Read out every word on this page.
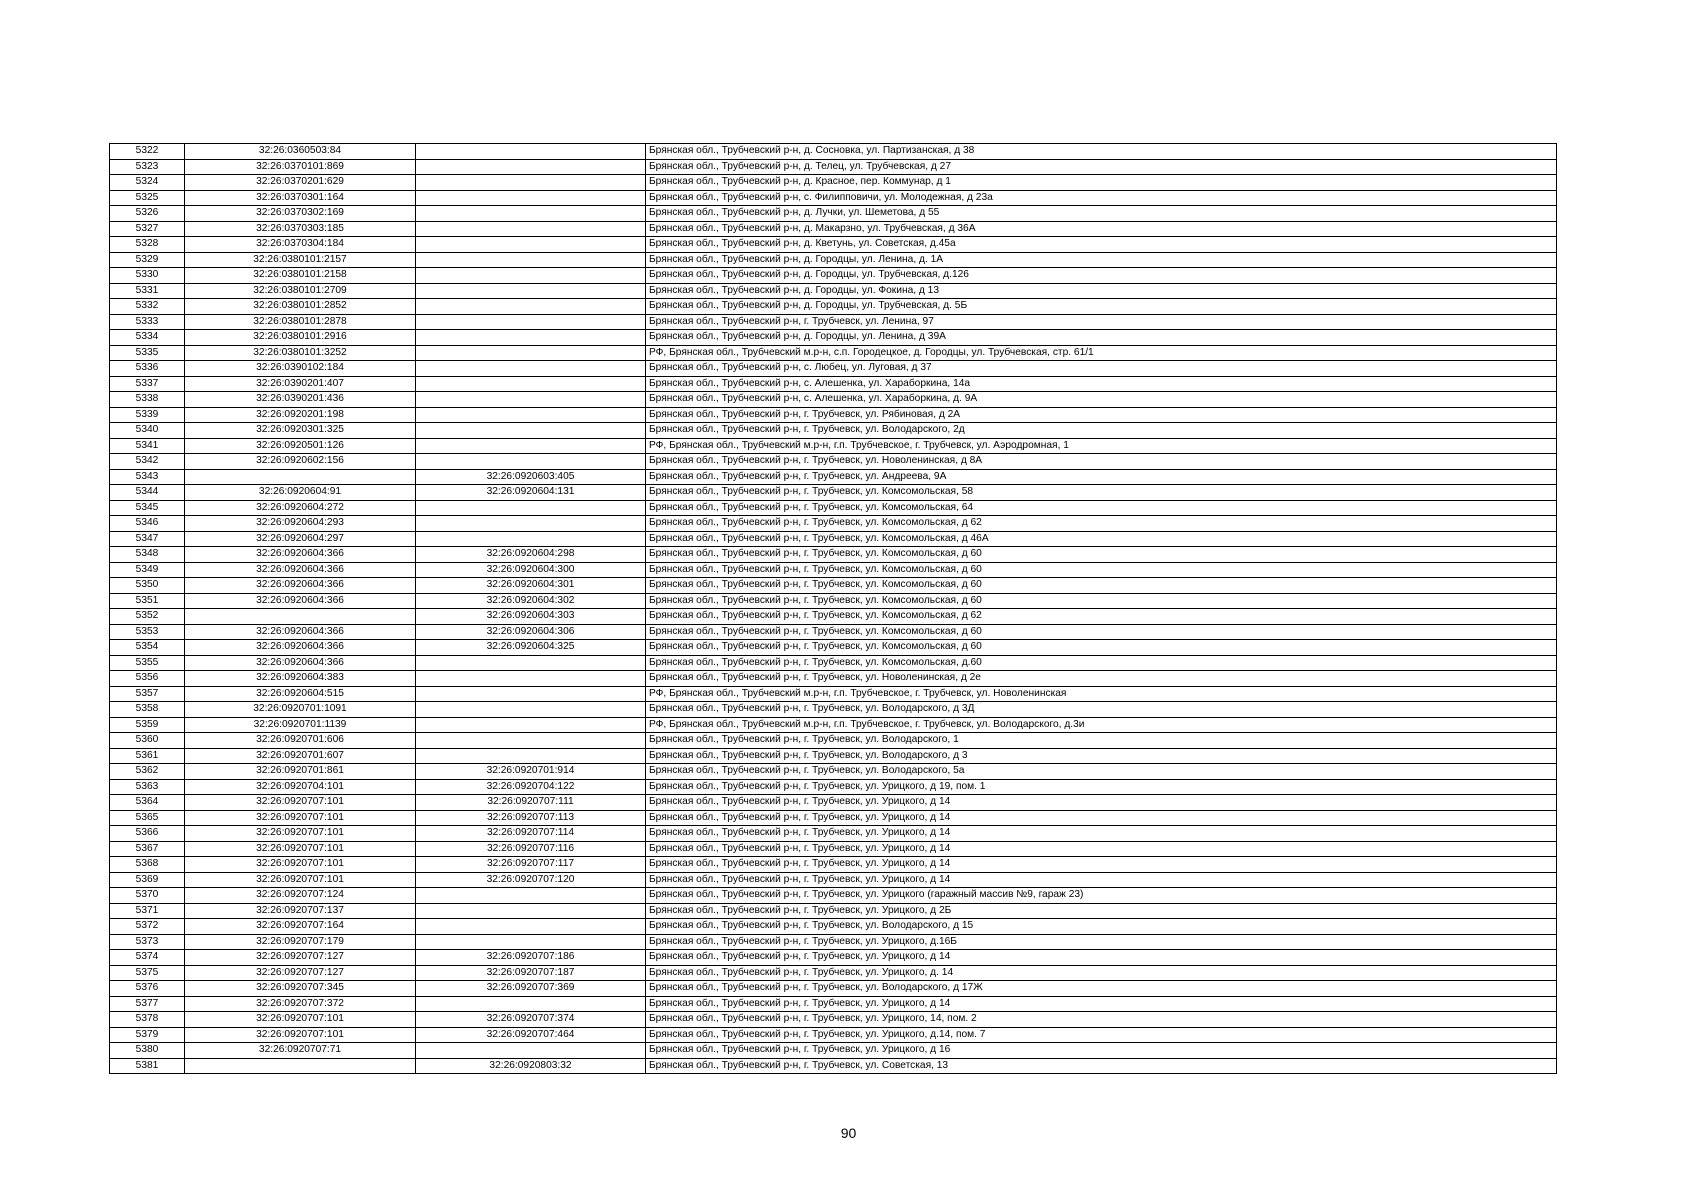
5322	32:26:0360503:84		Брянская обл., Трубчевский р-н, д. Сосновка, ул. Партизанская, д 38
5323	32:26:0370101:869		Брянская обл., Трубчевский р-н, д. Телец, ул. Трубчевская, д 27
5324	32:26:0370201:629		Брянская обл., Трубчевский р-н, д. Красное, пер. Коммунар, д 1
5325	32:26:0370301:164		Брянская обл., Трубчевский р-н, с. Филипповичи, ул. Молодежная, д 23а
5326	32:26:0370302:169		Брянская обл., Трубчевский р-н, д. Лучки, ул. Шеметова, д 55
5327	32:26:0370303:185		Брянская обл., Трубчевский р-н, д. Макарзно, ул. Трубчевская, д 36А
5328	32:26:0370304:184		Брянская обл., Трубчевский р-н, д. Кветунь, ул. Советская, д.45а
5329	32:26:0380101:2157		Брянская обл., Трубчевский р-н, д. Городцы, ул. Ленина, д. 1А
5330	32:26:0380101:2158		Брянская обл., Трубчевский р-н, д. Городцы, ул. Трубчевская, д.126
5331	32:26:0380101:2709		Брянская обл., Трубчевский р-н, д. Городцы, ул. Фокина, д 13
5332	32:26:0380101:2852		Брянская обл., Трубчевский р-н, д. Городцы, ул. Трубчевская, д. 5Б
5333	32:26:0380101:2878		Брянская обл., Трубчевский р-н, г. Трубчевск, ул. Ленина, 97
5334	32:26:0380101:2916		Брянская обл., Трубчевский р-н, д. Городцы, ул. Ленина, д 39А
5335	32:26:0380101:3252		РФ, Брянская обл., Трубчевский м.р-н, с.п. Городецкое, д. Городцы, ул. Трубчевская, стр. 61/1
5336	32:26:0390102:184		Брянская обл., Трубчевский р-н, с. Любец, ул. Луговая, д 37
5337	32:26:0390201:407		Брянская обл., Трубчевский р-н, с. Алешенка, ул. Хараборкина, 14а
5338	32:26:0390201:436		Брянская обл., Трубчевский р-н, с. Алешенка, ул. Хараборкина, д. 9А
5339	32:26:0920201:198		Брянская обл., Трубчевский р-н, г. Трубчевск, ул. Рябиновая, д 2А
5340	32:26:0920301:325		Брянская обл., Трубчевский р-н, г. Трубчевск, ул. Володарского, 2д
5341	32:26:0920501:126		РФ, Брянская обл., Трубчевский м.р-н, г.п. Трубчевское, г. Трубчевск, ул. Аэродромная, 1
5342	32:26:0920602:156		Брянская обл., Трубчевский р-н, г. Трубчевск, ул. Новоленинская, д 8А
5343		32:26:0920603:405	Брянская обл., Трубчевский р-н, г. Трубчевск, ул. Андреева, 9А
5344	32:26:0920604:91	32:26:0920604:131	Брянская обл., Трубчевский р-н, г. Трубчевск, ул. Комсомольская, 58
5345	32:26:0920604:272		Брянская обл., Трубчевский р-н, г. Трубчевск, ул. Комсомольская, 64
5346	32:26:0920604:293		Брянская обл., Трубчевский р-н, г. Трубчевск, ул. Комсомольская, д 62
5347	32:26:0920604:297		Брянская обл., Трубчевский р-н, г. Трубчевск, ул. Комсомольская, д 46А
5348	32:26:0920604:366	32:26:0920604:298	Брянская обл., Трубчевский р-н, г. Трубчевск, ул. Комсомольская, д 60
5349	32:26:0920604:366	32:26:0920604:300	Брянская обл., Трубчевский р-н, г. Трубчевск, ул. Комсомольская, д 60
5350	32:26:0920604:366	32:26:0920604:301	Брянская обл., Трубчевский р-н, г. Трубчевск, ул. Комсомольская, д 60
5351	32:26:0920604:366	32:26:0920604:302	Брянская обл., Трубчевский р-н, г. Трубчевск, ул. Комсомольская, д 60
5352		32:26:0920604:303	Брянская обл., Трубчевский р-н, г. Трубчевск, ул. Комсомольская, д 62
5353	32:26:0920604:366	32:26:0920604:306	Брянская обл., Трубчевский р-н, г. Трубчевск, ул. Комсомольская, д 60
5354	32:26:0920604:366	32:26:0920604:325	Брянская обл., Трубчевский р-н, г. Трубчевск, ул. Комсомольская, д 60
5355	32:26:0920604:366		Брянская обл., Трубчевский р-н, г. Трубчевск, ул. Комсомольская, д.60
5356	32:26:0920604:383		Брянская обл., Трубчевский р-н, г. Трубчевск, ул. Новоленинская, д 2е
5357	32:26:0920604:515		РФ, Брянская обл., Трубчевский м.р-н, г.п. Трубчевское, г. Трубчевск, ул. Новоленинская
5358	32:26:0920701:1091		Брянская обл., Трубчевский р-н, г. Трубчевск, ул. Володарского, д 3Д
5359	32:26:0920701:1139		РФ, Брянская обл., Трубчевский м.р-н, г.п. Трубчевское, г. Трубчевск, ул. Володарского, д.3и
5360	32:26:0920701:606		Брянская обл., Трубчевский р-н, г. Трубчевск, ул. Володарского, 1
5361	32:26:0920701:607		Брянская обл., Трубчевский р-н, г. Трубчевск, ул. Володарского, д 3
5362	32:26:0920701:861	32:26:0920701:914	Брянская обл., Трубчевский р-н, г. Трубчевск, ул. Володарского, 5а
5363	32:26:0920704:101	32:26:0920704:122	Брянская обл., Трубчевский р-н, г. Трубчевск, ул. Урицкого, д 19, пом. 1
5364	32:26:0920707:101	32:26:0920707:111	Брянская обл., Трубчевский р-н, г. Трубчевск, ул. Урицкого, д 14
5365	32:26:0920707:101	32:26:0920707:113	Брянская обл., Трубчевский р-н, г. Трубчевск, ул. Урицкого, д 14
5366	32:26:0920707:101	32:26:0920707:114	Брянская обл., Трубчевский р-н, г. Трубчевск, ул. Урицкого, д 14
5367	32:26:0920707:101	32:26:0920707:116	Брянская обл., Трубчевский р-н, г. Трубчевск, ул. Урицкого, д 14
5368	32:26:0920707:101	32:26:0920707:117	Брянская обл., Трубчевский р-н, г. Трубчевск, ул. Урицкого, д 14
5369	32:26:0920707:101	32:26:0920707:120	Брянская обл., Трубчевский р-н, г. Трубчевск, ул. Урицкого, д 14
5370	32:26:0920707:124		Брянская обл., Трубчевский р-н, г. Трубчевск, ул. Урицкого (гаражный массив №9, гараж 23)
5371	32:26:0920707:137		Брянская обл., Трубчевский р-н, г. Трубчевск, ул. Урицкого, д 2Б
5372	32:26:0920707:164		Брянская обл., Трубчевский р-н, г. Трубчевск, ул. Володарского, д 15
5373	32:26:0920707:179		Брянская обл., Трубчевский р-н, г. Трубчевск, ул. Урицкого, д.16Б
5374	32:26:0920707:127	32:26:0920707:186	Брянская обл., Трубчевский р-н, г. Трубчевск, ул. Урицкого, д 14
5375	32:26:0920707:127	32:26:0920707:187	Брянская обл., Трубчевский р-н, г. Трубчевск, ул. Урицкого, д. 14
5376	32:26:0920707:345	32:26:0920707:369	Брянская обл., Трубчевский р-н, г. Трубчевск, ул. Володарского, д 17Ж
5377	32:26:0920707:372		Брянская обл., Трубчевский р-н, г. Трубчевск, ул. Урицкого, д 14
5378	32:26:0920707:101	32:26:0920707:374	Брянская обл., Трубчевский р-н, г. Трубчевск, ул. Урицкого, 14, пом. 2
5379	32:26:0920707:101	32:26:0920707:464	Брянская обл., Трубчевский р-н, г. Трубчевск, ул. Урицкого, д.14, пом. 7
5380	32:26:0920707:71		Брянская обл., Трубчевский р-н, г. Трубчевск, ул. Урицкого, д 16
5381		32:26:0920803:32	Брянская обл., Трубчевский р-н, г. Трубчевск, ул. Советская, 13
90
